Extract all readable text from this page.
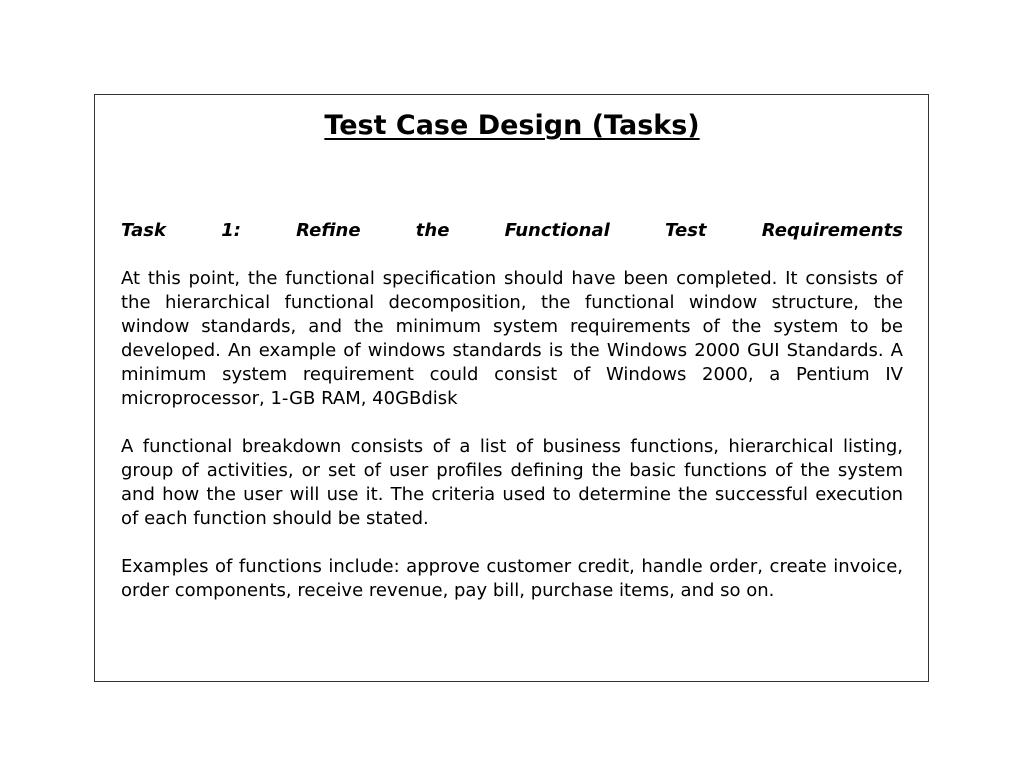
Test Case Design (Tasks)
Task 1: Refine the Functional Test Requirements

At this point, the functional specification should have been completed. It consists of the hierarchical functional decomposition, the functional window structure, the window standards, and the minimum system requirements of the system to be developed. An example of windows standards is the Windows 2000 GUI Standards. A minimum system requirement could consist of Windows 2000, a Pentium IV microprocessor, 1-GB RAM, 40GBdisk

A functional breakdown consists of a list of business functions, hierarchical listing, group of activities, or set of user profiles defining the basic functions of the system and how the user will use it. The criteria used to determine the successful execution of each function should be stated.

Examples of functions include: approve customer credit, handle order, create invoice, order components, receive revenue, pay bill, purchase items, and so on.
